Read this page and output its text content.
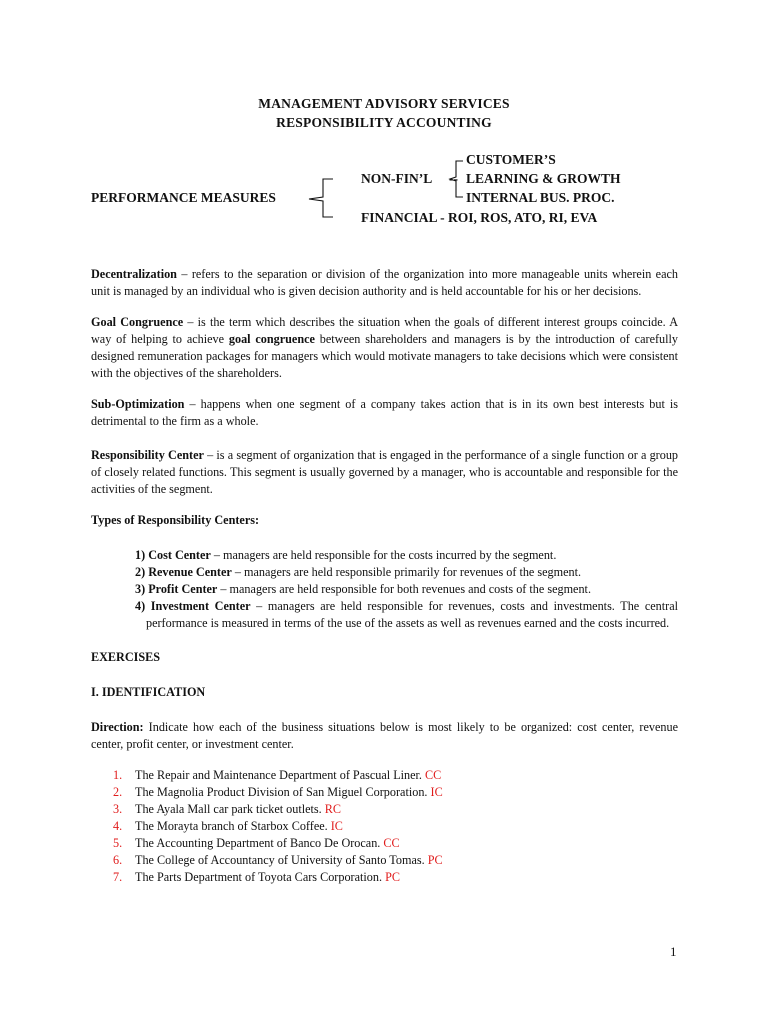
MANAGEMENT ADVISORY SERVICES
RESPONSIBILITY ACCOUNTING
PERFORMANCE MEASURES
NON-FIN’L --
CUSTOMER’S
LEARNING & GROWTH
INTERNAL BUS. PROC.
FINANCIAL - ROI, ROS, ATO, RI, EVA

Decentralization – refers to the separation or division of the organization into more manageable units wherein each unit is managed by an individual who is given decision authority and is held accountable for his or her decisions.

Goal Congruence – is the term which describes the situation when the goals of different interest groups coincide. A way of helping to achieve goal congruence between shareholders and managers is by the introduction of carefully designed remuneration packages for managers which would motivate managers to take decisions which were consistent with the objectives of the shareholders.

Sub-Optimization – happens when one segment of a company takes action that is in its own best interests but is detrimental to the firm as a whole.

Responsibility Center – is a segment of organization that is engaged in the performance of a single function or a group of closely related functions. This segment is usually governed by a manager, who is accountable and responsible for the activities of the segment.

Types of Responsibility Centers:

1) Cost Center – managers are held responsible for the costs incurred by the segment.

2) Revenue Center – managers are held responsible primarily for revenues of the segment.

3) Profit Center – managers are held responsible for both revenues and costs of the segment.

4) Investment Center – managers are held responsible for revenues, costs and investments. The central performance is measured in terms of the use of the assets as well as revenues earned and the costs incurred.

EXERCISES

I. IDENTIFICATION

Direction: Indicate how each of the business situations below is most likely to be organized: cost center, revenue center, profit center, or investment center.

1.	The Repair and Maintenance Department of Pascual Liner. CC
2.	The Magnolia Product Division of San Miguel Corporation. IC
3.	The Ayala Mall car park ticket outlets. RC
4.	The Morayta branch of Starbox Coffee. IC
5.	The Accounting Department of Banco De Orocan. CC
6.	The College of Accountancy of University of Santo Tomas. PC
7.	The Parts Department of Toyota Cars Corporation. PC
1
